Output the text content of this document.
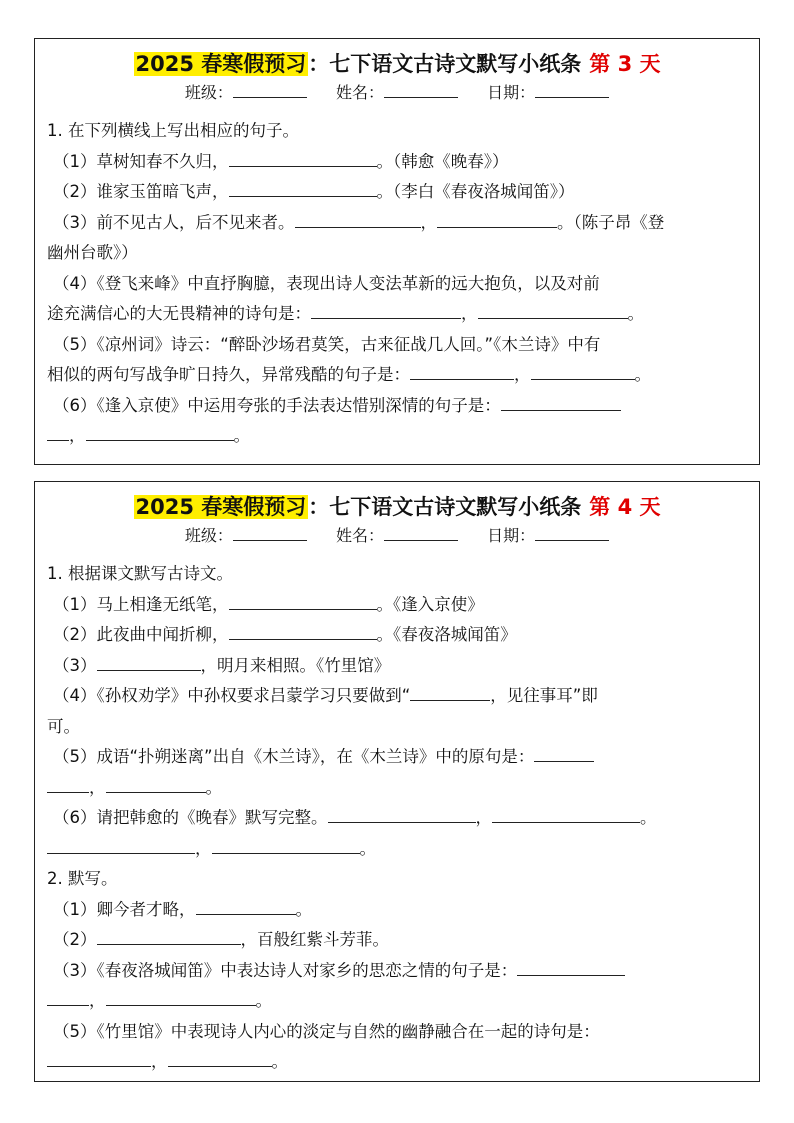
2025 春寒假预习：七下语文古诗文默写小纸条 第 3 天
班级：	姓名：	日期：
1. 在下列横线上写出相应的句子。
（1）草树知春不久归，	。（韩愈《晚春》）
（2）谁家玉笛暗飞声，	。（李白《春夜洛城闻笛》）
（3）前不见古人，后不见来者。	，	。（陈子昂《登
幽州台歌》）
（4）《登飞来峰》中直抒胸臆，表现出诗人变法革新的远大抱负，以及对前
途充满信心的大无畏精神的诗句是：	，	。
（5）《凉州词》诗云：“醉卧沙场君莫笑，古来征战几人回。”《木兰诗》中有
相似的两句写战争旷日持久，异常残酷的句子是：	，	。
（6）《逢入京使》中运用夸张的手法表达惜别深情的句子是：
，	。
2025 春寒假预习：七下语文古诗文默写小纸条 第 4 天
班级：	姓名：	日期：
1. 根据课文默写古诗文。
（1）马上相逢无纸笔，	。《逢入京使》
（2）此夜曲中闻折柳，	。《春夜洛城闻笛》
（3）	，明月来相照。《竹里馆》
（4）《孙权劝学》中孙权要求吕蒙学习只要做到“	，见往事耳”即
可。
（5）成语“扑朔迷离”出自《木兰诗》，在《木兰诗》中的原句是：
，	。
（6）请把韩愈的《晚春》默写完整。	，	。
，	。
2. 默写。
（1）卿今者才略，	。
（2）	，百般红紫斗芳菲。
（3）《春夜洛城闻笛》中表达诗人对家乡的思恋之情的句子是：
，	。
（5）《竹里馆》中表现诗人内心的淡定与自然的幽静融合在一起的诗句是：
，	。
